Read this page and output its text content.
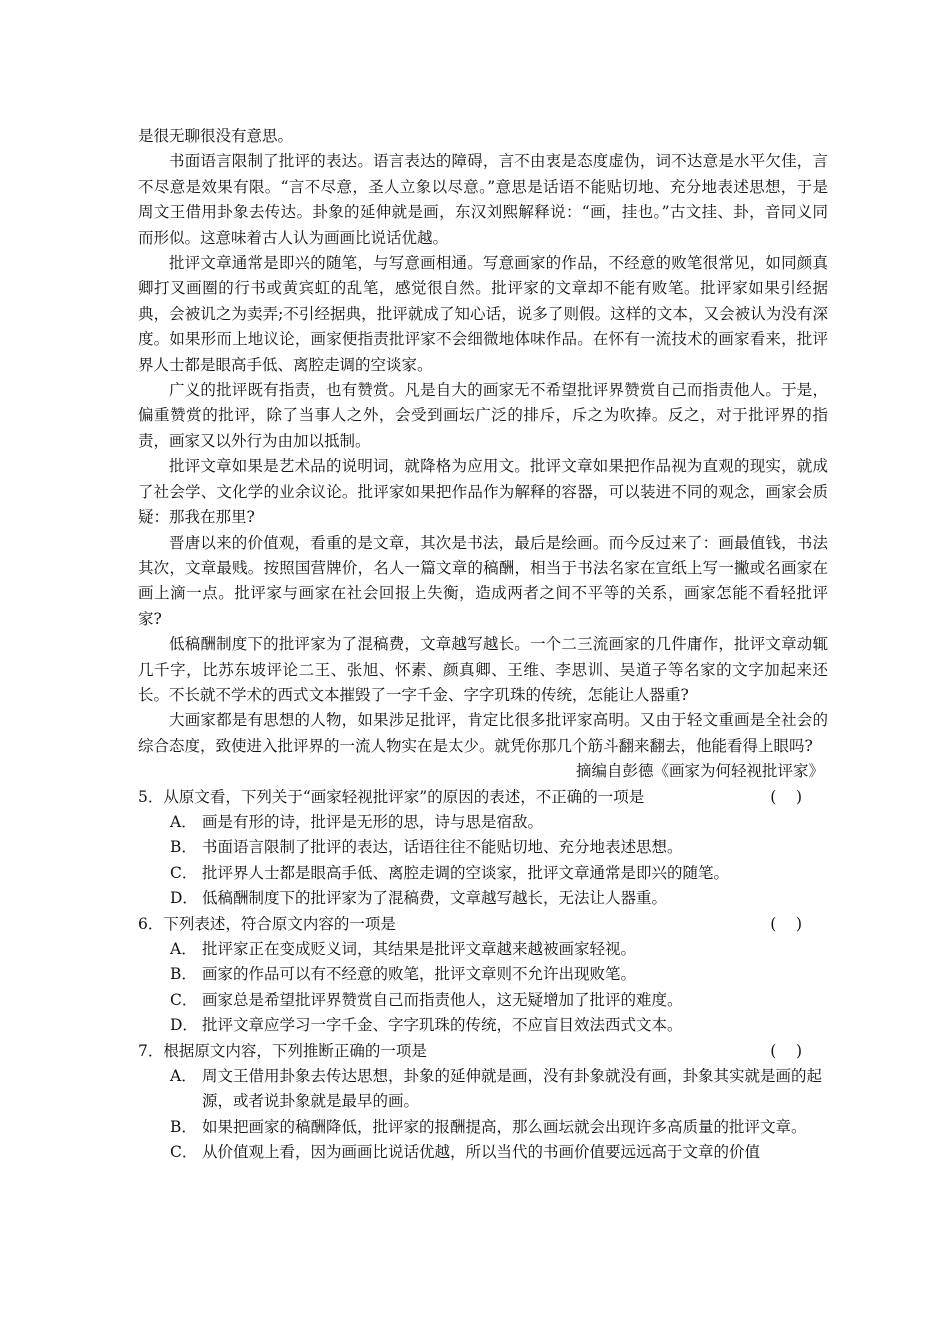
是很无聊很没有意思。

书面语言限制了批评的表达。语言表达的障碍，言不由衷是态度虚伪，词不达意是水平欠佳，言不尽意是效果有限。“言不尽意，圣人立象以尽意。”意思是话语不能贴切地、充分地表述思想，于是周文王借用卦象去传达。卦象的延伸就是画，东汉刘熙解释说：“画，挂也。”古文挂、卦，音同义同而形似。这意味着古人认为画画比说话优越。

批评文章通常是即兴的随笔，与写意画相通。写意画家的作品，不经意的败笔很常见，如同颜真卿打叉画圈的行书或黄宾虹的乱笔，感觉很自然。批评家的文章却不能有败笔。批评家如果引经据典，会被讥之为卖弄;不引经据典，批评就成了知心话，说多了则假。这样的文本，又会被认为没有深度。如果形而上地议论，画家便指责批评家不会细微地体味作品。在怀有一流技术的画家看来，批评界人士都是眼高手低、离腔走调的空谈家。

广义的批评既有指责，也有赞赏。凡是自大的画家无不希望批评界赞赏自己而指责他人。于是，偏重赞赏的批评，除了当事人之外，会受到画坛广泛的排斥，斥之为吹捧。反之，对于批评界的指责，画家又以外行为由加以抵制。

批评文章如果是艺术品的说明词，就降格为应用文。批评文章如果把作品视为直观的现实，就成了社会学、文化学的业余议论。批评家如果把作品作为解释的容器，可以装进不同的观念，画家会质疑：那我在那里?

晋唐以来的价值观，看重的是文章，其次是书法，最后是绘画。而今反过来了：画最值钱，书法其次，文章最贱。按照国营牌价，名人一篇文章的稿酬，相当于书法名家在宣纸上写一撇或名画家在画上滴一点。批评家与画家在社会回报上失衡，造成两者之间不平等的关系，画家怎能不看轻批评家?

低稿酬制度下的批评家为了混稿费，文章越写越长。一个二三流画家的几件庸作，批评文章动辄几千字，比苏东坡评论二王、张旭、怀素、颜真卿、王维、李思训、吴道子等名家的文字加起来还长。不长就不学术的西式文本摧毁了一字千金、字字玑珠的传统，怎能让人器重?

大画家都是有思想的人物，如果涉足批评，肯定比很多批评家高明。又由于轻文重画是全社会的综合态度，致使进入批评界的一流人物实在是太少。就凭你那几个筋斗翻来翻去，他能看得上眼吗?

摘编自彭德《画家为何轻视批评家》

5．从原文看，下列关于“画家轻视批评家”的原因的表述，不正确的一项是	(    )

A． 画是有形的诗，批评是无形的思，诗与思是宿敌。

B． 书面语言限制了批评的表达，话语往往不能贴切地、充分地表述思想。

C． 批评界人士都是眼高手低、离腔走调的空谈家，批评文章通常是即兴的随笔。

D． 低稿酬制度下的批评家为了混稿费，文章越写越长，无法让人器重。

6．下列表述，符合原文内容的一项是	(    )

A． 批评家正在变成贬义词，其结果是批评文章越来越被画家轻视。

B． 画家的作品可以有不经意的败笔，批评文章则不允许出现败笔。

C． 画家总是希望批评界赞赏自己而指责他人，这无疑增加了批评的难度。

D． 批评文章应学习一字千金、字字玑珠的传统，不应盲目效法西式文本。

7．根据原文内容，下列推断正确的一项是	(    )

A． 周文王借用卦象去传达思想，卦象的延伸就是画，没有卦象就没有画，卦象其实就是画的起源，或者说卦象就是最早的画。

B． 如果把画家的稿酬降低，批评家的报酬提高，那么画坛就会出现许多高质量的批评文章。

C． 从价值观上看，因为画画比说话优越，所以当代的书画价值要远远高于文章的价值
